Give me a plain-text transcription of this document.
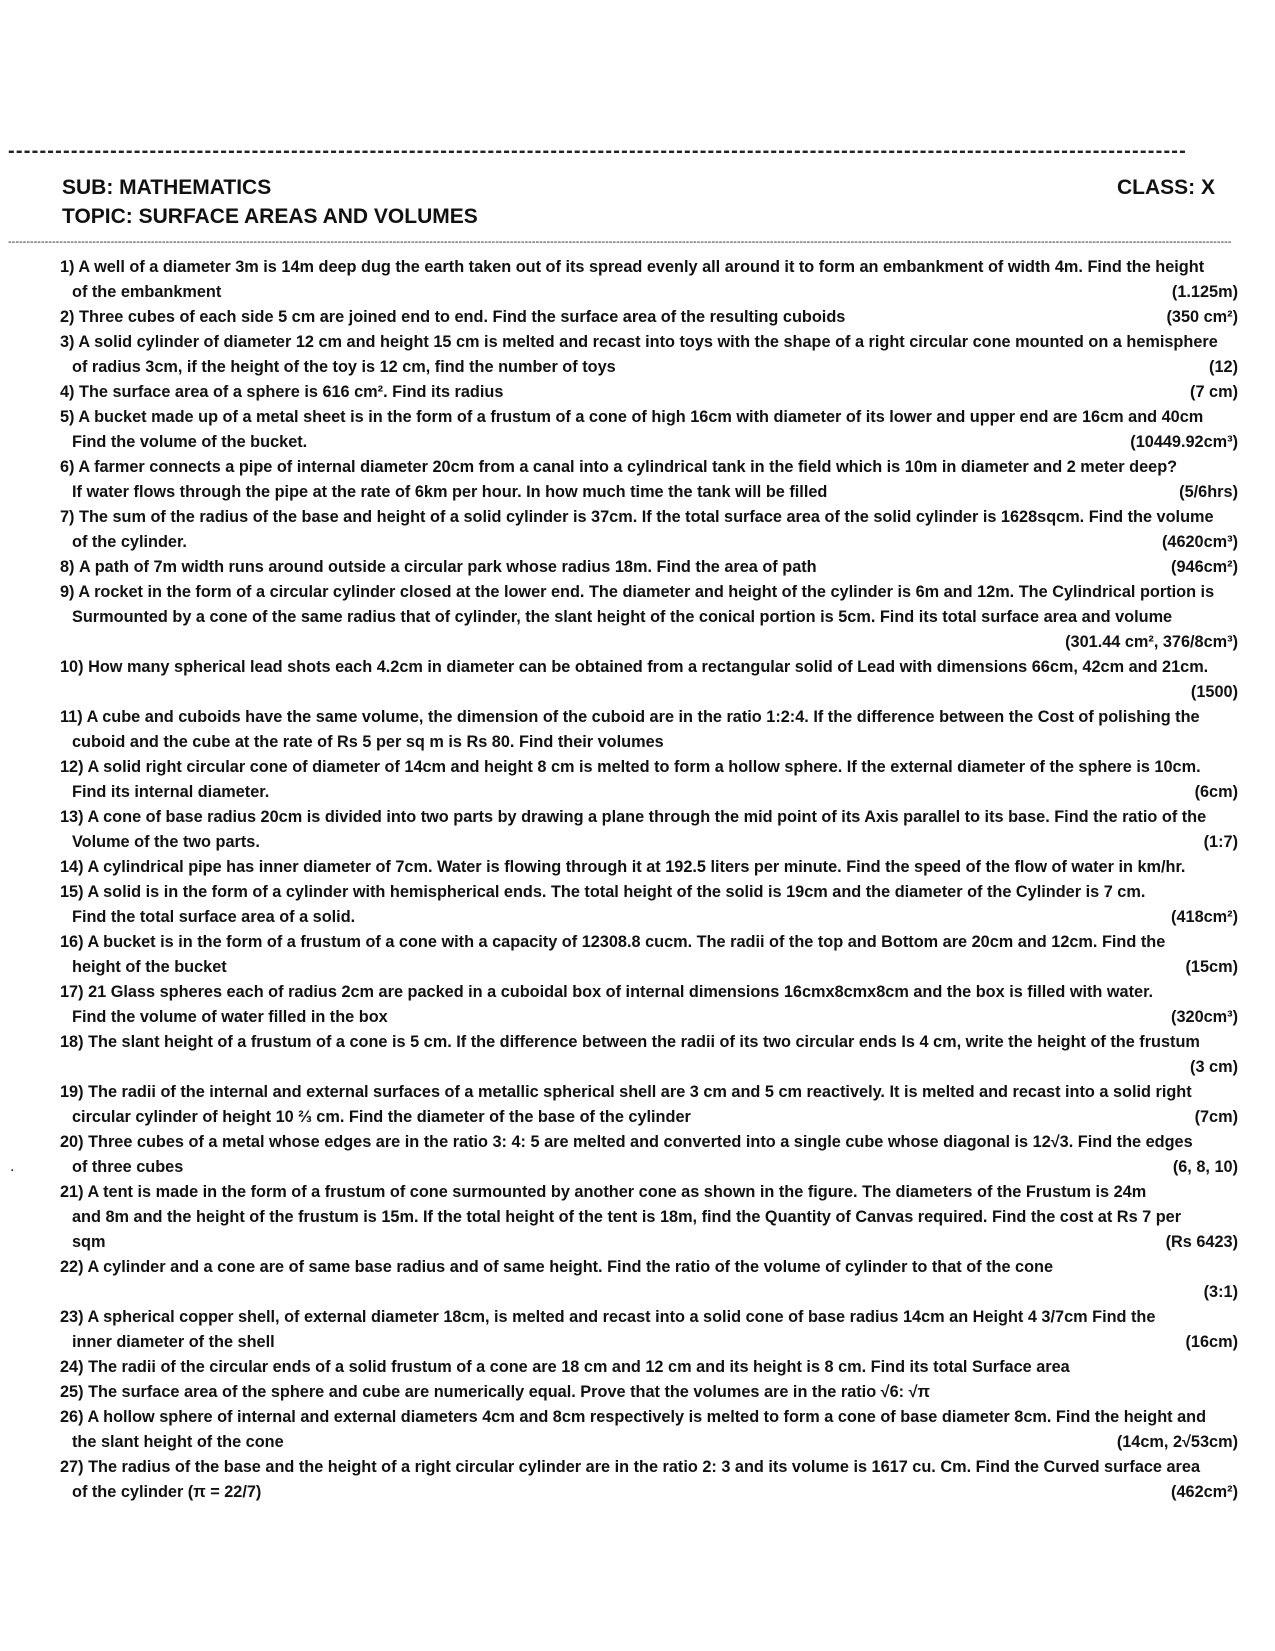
------------------------------------------------------------------------------------------------------------------------------------------------------
SUB: MATHEMATICS	CLASS: X
TOPIC: SURFACE AREAS AND VOLUMES
----------------------------------------------------------------------------------------------------------------------------------------------------------------------------------------------------------------------------------------------------------------------------------------------------------------------------------------------
.
1) A well of a diameter 3m is 14m deep dug the earth taken out of its spread evenly all around it to form an embankment of width 4m. Find the height
(1.125m)
of the embankment
2)	(350 cm²)
Three cubes of each side 5 cm are joined end to end. Find the surface area of the resulting cuboids
3) A solid cylinder of diameter 12 cm and height 15 cm is melted and recast into toys with the shape of a right circular cone mounted on a hemisphere
(12)
of radius 3cm, if the height of the toy is 12 cm, find the number of toys
4)	(7 cm)
The surface area of a sphere is 616 cm². Find its radius
5) A bucket made up of a metal sheet is in the form of a frustum of a cone of high 16cm with diameter of its lower and upper end are 16cm and 40cm
(10449.92cm³)
Find the volume of the bucket.
6) A farmer connects a pipe of internal diameter 20cm from a canal into a cylindrical tank in the field which is 10m in diameter and 2 meter deep?
(5/6hrs)
If water flows through the pipe at the rate of 6km per hour. In how much time the tank will be filled
7) The sum of the radius of the base and height of a solid cylinder is 37cm. If the total surface area of the solid cylinder is 1628sqcm. Find the volume
(4620cm³)
of the cylinder.
8)	(946cm²)
A path of 7m width runs around outside a circular park whose radius 18m. Find the area of path
9) A rocket in the form of a circular cylinder closed at the lower end. The diameter and height of the cylinder is 6m and 12m. The Cylindrical portion is
Surmounted by a cone of the same radius that of cylinder, the slant height of the conical portion is 5cm. Find its total surface area and volume
(301.44 cm², 376/8cm³)
10) How many spherical lead shots each 4.2cm in diameter can be obtained from a rectangular solid of Lead with dimensions 66cm, 42cm and 21cm.
(1500)
11) A cube and cuboids have the same volume, the dimension of the cuboid are in the ratio 1:2:4. If the difference between the Cost of polishing the
cuboid and the cube at the rate of Rs 5 per sq m is Rs 80. Find their volumes
12) A solid right circular cone of diameter of 14cm and height 8 cm is melted to form a hollow sphere. If the external diameter of the sphere is 10cm.
(6cm)
Find its internal diameter.
13) A cone of base radius 20cm is divided into two parts by drawing a plane through the mid point of its Axis parallel to its base. Find the ratio of the
(1:7)
Volume of the two parts.
14) A cylindrical pipe has inner diameter of 7cm. Water is flowing through it at 192.5 liters per minute. Find the speed of the flow of water in km/hr.
15) A solid is in the form of a cylinder with hemispherical ends. The total height of the solid is 19cm and the diameter of the Cylinder is 7 cm.
(418cm²)
Find the total surface area of a solid.
16) A bucket is in the form of a frustum of a cone with a capacity of 12308.8 cucm. The radii of the top and Bottom are 20cm and 12cm. Find the
(15cm)
height of the bucket
17) 21 Glass spheres each of radius 2cm are packed in a cuboidal box of internal dimensions 16cmx8cmx8cm and the box is filled with water.
(320cm³)
Find the volume of water filled in the box
18) The slant height of a frustum of a cone is 5 cm. If the difference between the radii of its two circular ends Is 4 cm, write the height of the frustum
(3 cm)
19) The radii of the internal and external surfaces of a metallic spherical shell are 3 cm and 5 cm reactively. It is melted and recast into a solid right
(7cm)
circular cylinder of height 10 ⅔ cm. Find the diameter of the base of the cylinder
20) Three cubes of a metal whose edges are in the ratio 3: 4: 5 are melted and converted into a single cube whose diagonal is 12√3. Find the edges
(6, 8, 10)
of three cubes
21) A tent is made in the form of a frustum of cone surmounted by another cone as shown in the figure. The diameters of the Frustum is 24m
and 8m and the height of the frustum is 15m. If the total height of the tent is 18m, find the Quantity of Canvas required. Find the cost at Rs 7 per
(Rs 6423)
sqm
22) A cylinder and a cone are of same base radius and of same height. Find the ratio of the volume of cylinder to that of the cone
(3:1)
23) A spherical copper shell, of external diameter 18cm, is melted and recast into a solid cone of base radius 14cm an Height 4 3/7cm Find the
(16cm)
inner diameter of the shell
24) The radii of the circular ends of a solid frustum of a cone are 18 cm and 12 cm and its height is 8 cm. Find its total Surface area
25) The surface area of the sphere and cube are numerically equal. Prove that the volumes are in the ratio √6: √π
26) A hollow sphere of internal and external diameters 4cm and 8cm respectively is melted to form a cone of base diameter 8cm. Find the height and
(14cm, 2√53cm)
the slant height of the cone
27) The radius of the base and the height of a right circular cylinder are in the ratio 2: 3 and its volume is 1617 cu. Cm. Find the Curved surface area
(462cm²)
of the cylinder (π = 22/7)
